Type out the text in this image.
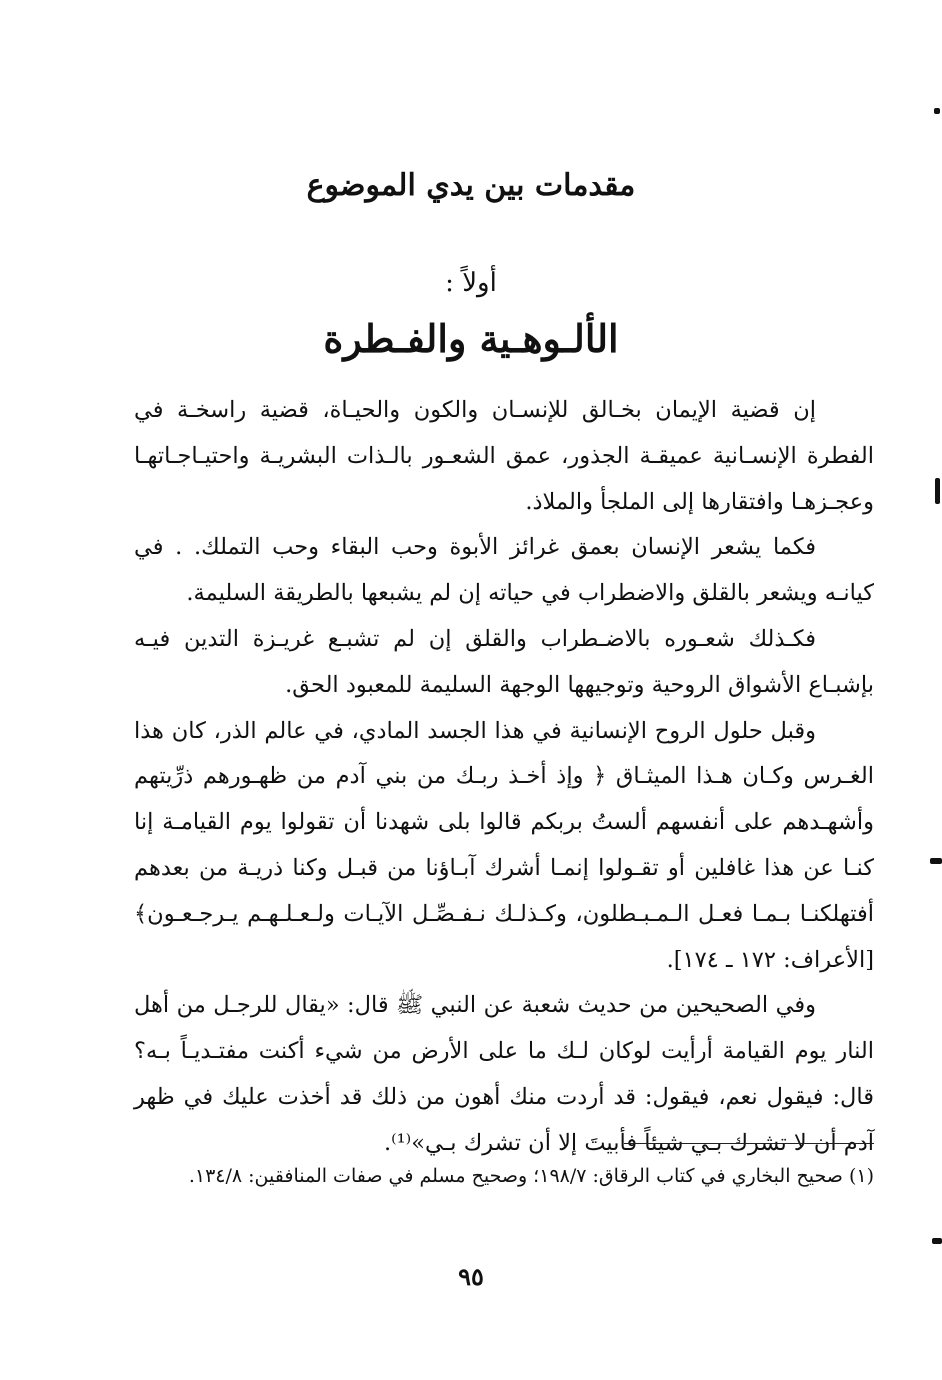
مقدمات بين يدي الموضوع
أولاً :
الألـوهـية والفـطرة

إن قضية الإيمان بخـالق للإنسـان والكون والحيـاة، قضية راسخـة في الفطرة الإنسـانية عميقـة الجذور، عمق الشعـور بالـذات البشريـة واحتيـاجـاتهـا وعجـزهـا وافتقارها إلى الملجأ والملاذ.

فكما يشعر الإنسان بعمق غرائز الأبوة وحب البقاء وحب التملك. . في كيانـه ويشعر بالقلق والاضطراب في حياته إن لم يشبعها بالطريقة السليمة.

فكـذلك شعـوره بالاضـطراب والقلق إن لم تشبـع غريـزة التدين فيـه بإشبـاع الأشواق الروحية وتوجيهها الوجهة السليمة للمعبود الحق.

وقبل حلول الروح الإنسانية في هذا الجسد المادي، في عالم الذر، كان هذا الغـرس وكـان هـذا الميثـاق ﴿ وإذ أخـذ ربـك من بني آدم من ظهـورهم ذرِّيتهم وأشهـدهم على أنفسهم ألستُ بربكم قالوا بلى شهدنا أن تقولوا يوم القيامـة إنا كنـا عن هذا غافلين أو تقـولوا إنمـا أشرك آبـاؤنا من قبـل وكنا ذريـة من بعدهم أفتهلكنـا بـمـا فعـل الـمـبـطلون، وكـذلـك نـفـصِّـل الآيـات ولـعـلـهـم يـرجـعـون﴾ [الأعراف: ١٧٢ ـ ١٧٤].

وفي الصحيحين من حديث شعبة عن النبي ﷺ قال: «يقال للرجـل من أهل النار يوم القيامة أرأيت لوكان لـك ما على الأرض من شيء أكنت مفتـديـاً بـه؟ قال: فيقول نعم، فيقول: قد أردت منك أهون من ذلك قد أخذت عليك في ظهر آدم أن لا تشرك بـي شيئاً فأبيتَ إلا أن تشرك بـي»⁽¹⁾.

(١) صحيح البخاري في كتاب الرقاق: ١٩٨/٧؛ وصحيح مسلم في صفات المنافقين: ١٣٤/٨.
٩٥
